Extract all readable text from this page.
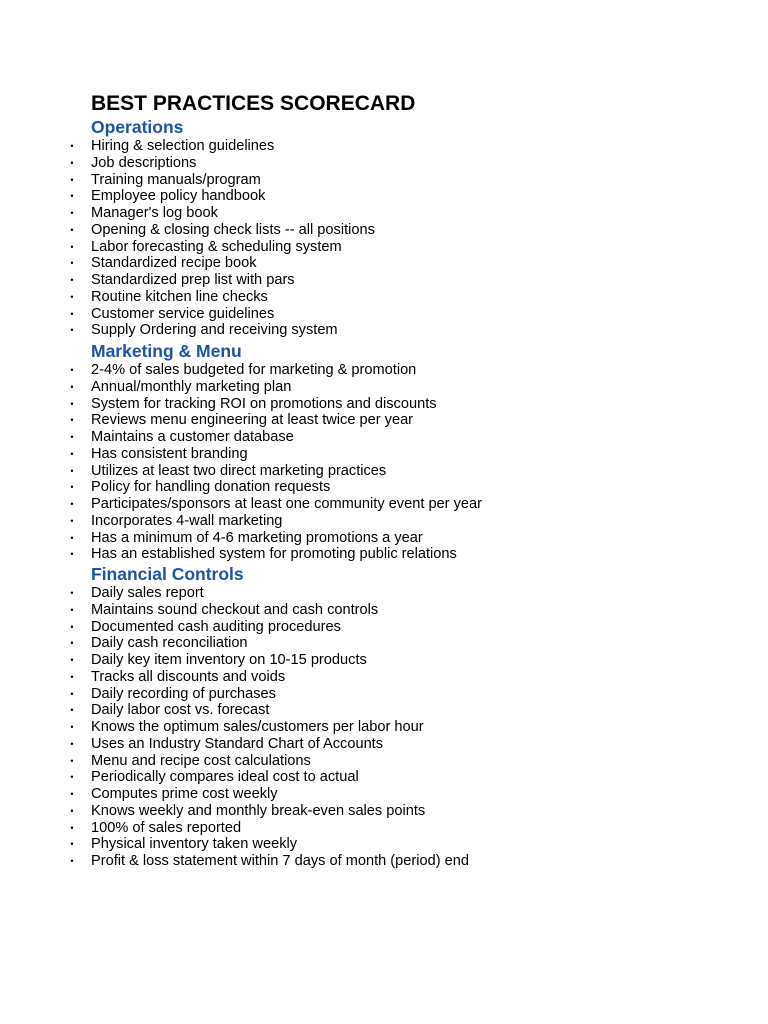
BEST PRACTICES SCORECARD
Operations
• Hiring & selection guidelines
• Job descriptions
• Training manuals/program
• Employee policy handbook
• Manager's log book
• Opening & closing check lists -- all positions
• Labor forecasting & scheduling system
• Standardized recipe book
• Standardized prep list with pars
• Routine kitchen line checks
• Customer service guidelines
• Supply Ordering and receiving system
Marketing & Menu
• 2-4% of sales budgeted for marketing & promotion
• Annual/monthly marketing plan
• System for tracking ROI on promotions and discounts
• Reviews menu engineering at least twice per year
• Maintains a customer database
• Has consistent branding
• Utilizes at least two direct marketing practices
• Policy for handling donation requests
• Participates/sponsors at least one community event per year
• Incorporates 4-wall marketing
• Has a minimum of 4-6 marketing promotions a year
• Has an established system for promoting public relations
Financial Controls
• Daily sales report
• Maintains sound checkout and cash controls
• Documented cash auditing procedures
• Daily cash reconciliation
• Daily key item inventory on 10-15 products
• Tracks all discounts and voids
• Daily recording of purchases
• Daily labor cost vs. forecast
• Knows the optimum sales/customers per labor hour
• Uses an Industry Standard Chart of Accounts
• Menu and recipe cost calculations
• Periodically compares ideal cost to actual
• Computes prime cost weekly
• Knows weekly and monthly break-even sales points
• 100% of sales reported
• Physical inventory taken weekly
• Profit & loss statement within 7 days of month (period) end
